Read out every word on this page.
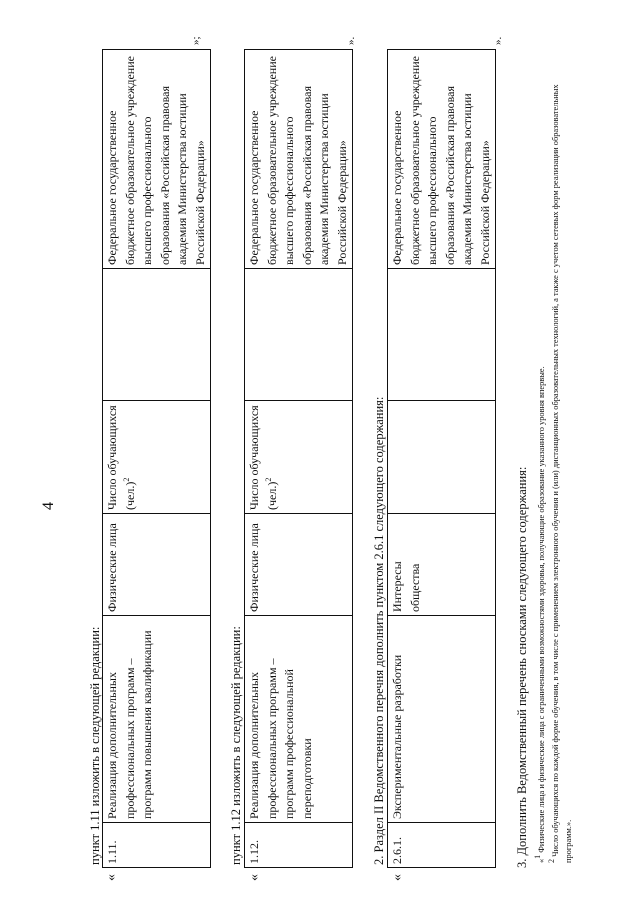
4
пункт 1.11 изложить в следующей редакции:
«
1.11.	Реализация дополнительных профессиональных программ – программ повышения квалификации	Физические лица	Число обучающихся $(чел.)^2$		Федеральное государственное бюджетное образовательное учреждение высшего профессионального образования «Российская правовая академия Министерства юстиции Российской Федерации»
»;
пункт 1.12 изложить в следующей редакции:
«
1.12.	Реализация дополнительных профессиональных программ – программ профессиональной переподготовки	Физические лица	Число обучающихся $(чел.)^2$		Федеральное государственное бюджетное образовательное учреждение высшего профессионального образования «Российская правовая академия Министерства юстиции Российской Федерации»
».
2. Раздел II Ведомственного перечня дополнить пунктом 2.6.1 следующего содержания:
«
2.6.1.	Экспериментальные разработки	Интересы общества			Федеральное государственное бюджетное образовательное учреждение высшего профессионального образования «Российская правовая академия Министерства юстиции Российской Федерации»
».
3. Дополнить Ведомственный перечень сносками следующего содержания: «$^1$ Физические лица и физические лица с ограниченными возможностями здоровья, получающие образование указанного уровня впервые.
$^2$ Число обучающихся по каждой форме обучения, в том числе с применением электронного обучения и (или) дистанционных образовательных технологий, а также с учетом сетевых форм реализации образовательных программ.».
